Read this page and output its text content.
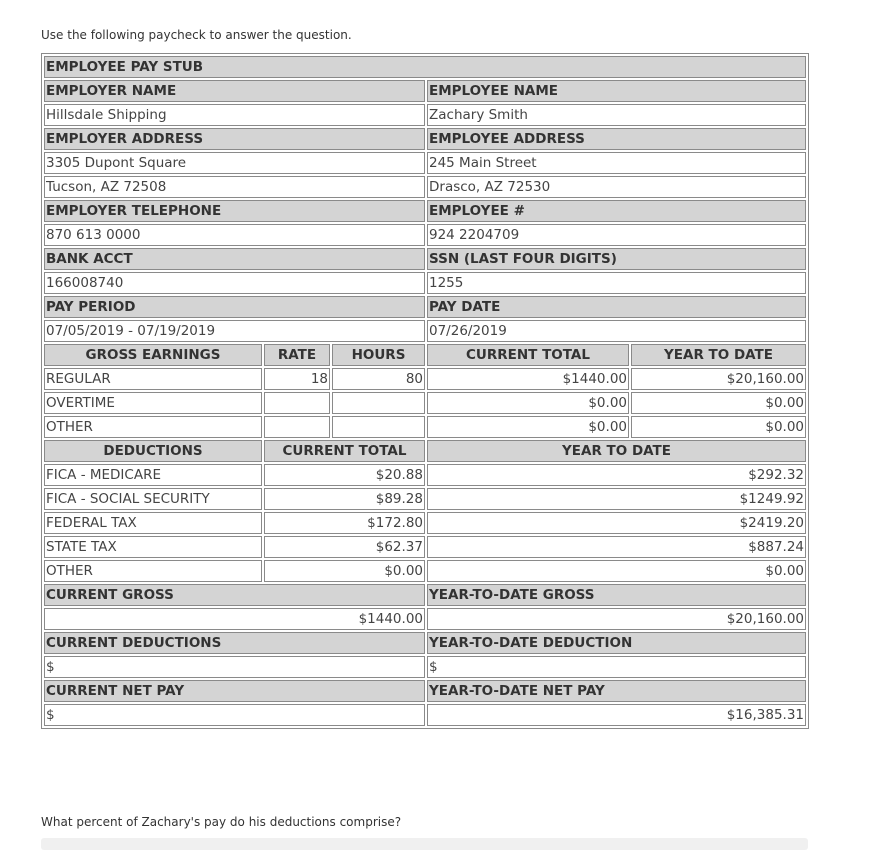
Use the following paycheck to answer the question.
EMPLOYEE PAY STUB				
EMPLOYER NAME			EMPLOYEE NAME	
Hillsdale Shipping			Zachary Smith	
EMPLOYER ADDRESS			EMPLOYEE ADDRESS	
3305 Dupont Square			245 Main Street	
Tucson, AZ 72508			Drasco, AZ 72530	
EMPLOYER TELEPHONE			EMPLOYEE #	
870 613 0000			924 2204709	
BANK ACCT			SSN (LAST FOUR DIGITS)	
166008740			1255	
PAY PERIOD			PAY DATE	
07/05/2019 - 07/19/2019			07/26/2019	
GROSS EARNINGS	RATE	HOURS	CURRENT TOTAL	YEAR TO DATE
REGULAR	18	80	$1440.00	$20,160.00
OVERTIME			$0.00	$0.00
OTHER			$0.00	$0.00
DEDUCTIONS	CURRENT TOTAL		YEAR TO DATE	
FICA - MEDICARE	$20.88		$292.32	
FICA - SOCIAL SECURITY	$89.28		$1249.92	
FEDERAL TAX	$172.80		$2419.20	
STATE TAX	$62.37		$887.24	
OTHER	$0.00		$0.00	
CURRENT GROSS			YEAR-TO-DATE GROSS	
$1440.00			$20,160.00	
CURRENT DEDUCTIONS			YEAR-TO-DATE DEDUCTION	
$			$	
CURRENT NET PAY			YEAR-TO-DATE NET PAY	
$			$16,385.31	
What percent of Zachary's pay do his deductions comprise?
